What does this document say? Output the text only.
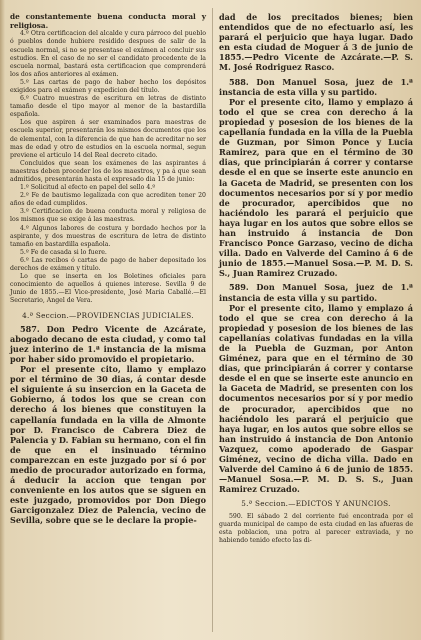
de constantemente buena conducta moral y religiosa.

4.º Otra certificacion del alcalde y cura párroco del pueblo ó pueblos donde hubiere residido despues de salir de la escuela normal, si no se presentase el exámen al concluir sus estudios. En el caso de no ser el candidato procedente de la escuela normal, bastará esta certificacion que comprenderá los dos años anteriores al exámen.

5.º Las cartas de pago de haber hecho los depósitos exigidos para el exámen y expedicion del título.

6.º Cuatro muestras de escritura en letras de distinto tamaño desde el tipo mayor al menor de la bastardilla española.

Los que aspiren á ser examinados para maestras de escuela superior, presentarán los mismos documentos que los de elemental, con la diferencia de que han de acreditar no ser mas de edad y otro de estudios en la escuela normal, segun previene el articulo 14 del Real decreto citado.

Concluidos que sean los exámenes de las aspirantes á maestras deben proceder los de los maestros, y pa á que sean admitidos, presentarán hasta el expresado dia 15 de junio:

1.º Solicitud al efecto en papel del sello 4.º

2.º Fe de bautismo legalizada con que acrediten tener 20 años de edad cumplidos.

3.º Certificacion de buena conducta moral y religiosa de los mismos que se exige á las maestras.

4.º Algunos labores de costura y bordado hechos por la aspirante, y dos muestras de escritura de letra de distinto tamaño en bastardilla española.

5.º Fe de casada si lo fuere.

6.º Las recibos ó cartas de pago de haber depositado los derechos de exámen y título.

Lo que se inserta en los Boletines oficiales para conocimiento de aquellos á quienes interese. Sevilla 9 de Junio de 1855.—El Vice-presidente, José Maria Caballé.—El Secretario, Angel de Vera.

4.ª Seccion.—PROVIDENCIAS JUDICIALES.

587. Don Pedro Vicente de Azcárate, abogado decano de esta ciudad, y como tal juez interino de 1.ª instancia de la misma por haber sido promovido el propietario.

Por el presente cito, llamo y emplazo por el término de 30 dias, á contar desde el siguiente á su insercion en la Gaceta de Gobierno, á todos los que se crean con derecho á los bienes que constituyen la capellanía fundada en la villa de Almonte por D. Francisco de Cabrera Diez de Palencia y D. Fabian su hermano, con el fin de que en el insinuado término comparezcan en este juzgado por sí ó por medio de procurador autorizado en forma, á deducir la accion que tengan por conveniente en los autos que se siguen en este juzgado, promovidos por Don Diego Garcigonzalez Diez de Palencia, vecino de Sevilla, sobre que se le declare la propie-

dad de los precitados bienes; bien entendidos que de no efectuarlo así, les parará el perjuicio que haya lugar. Dado en esta ciudad de Moguer á 3 de junio de 1855.—Pedro Vicente de Azcárate.—P. S. M. José Rodriguez Rasco.

588. Don Manuel Sosa, juez de 1.ª instancia de esta villa y su partido.

Por el presente cito, llamo y emplazo á todo el que se crea con derecho á la propiedad y posesion de los bienes de la capellanía fundada en la villa de la Puebla de Guzman, por Simon Ponce y Lucia Ramirez, para que en el término de 30 dias, que principiarán á correr y contarse desde el en que se inserte este anuncio en la Gaceta de Madrid, se presenten con los documentos necesarios por sí y por medio de procurador, apercibidos que no haciéndolo les parará el perjuicio que haya lugar en los autos que sobre ellos se han instruido á instancia de Don Francisco Ponce Garzaso, vecino de dicha villa. Dado en Valverde del Camino á 6 de junio de 1855.—Manuel Sosa.—P. M. D. S. S., Juan Ramirez Cruzado.

589. Don Manuel Sosa, juez de 1.ª instancia de esta villa y su partido.

Por el presente cito, llamo y emplazo á todo el que se crea con derecho á la propiedad y posesion de los bienes de las capellanías colativas fundadas en la villa de la Puebla de Guzman, por Anton Giménez, para que en el término de 30 dias, que principiarán á correr y contarse desde el en que se inserte este anuncio en la Gaceta de Madrid, se presenten con los documentos necesarios por sí y por medio de procurador, apercibidos que no haciéndolo les parará el perjuicio que haya lugar, en los autos que sobre ellos se han instruido á instancia de Don Antonio Vazquez, como apoderado de Gaspar Giménez, vecino de dicha villa. Dado en Valverde del Camino á 6 de junio de 1855.—Manuel Sosa.—P. M. D. S. S., Juan Ramirez Cruzado.

5.ª Seccion.—EDICTOS Y ANUNCIOS.

590. El sábado 2 del corriente fué encontrada por el guarda municipal de campo de esta ciudad en las afueras de esta poblacion, una potra al parecer extraviada, y no habiendo tenido efecto las di-
